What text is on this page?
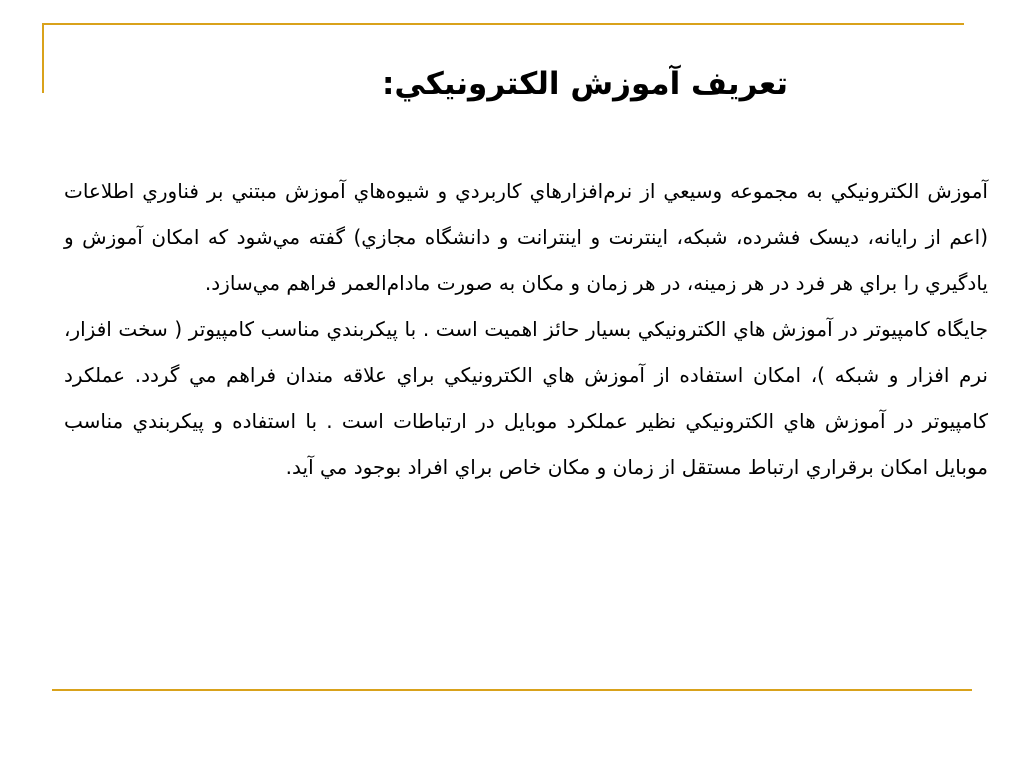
تعريف آموزش الكترونيكي:

آموزش الكترونيكي به مجموعه وسيعي از نرم‌افزارهاي كاربردي و شيوه‌هاي آموزش مبتني بر فناوري اطلاعات (اعم از رايانه، ديسک فشرده، شبکه، اينترنت و اينترانت و دانشگاه مجازي) گفته مي‌شود كه امكان آموزش و يادگيري را براي هر فرد در هر زمينه، در هر زمان و مكان به صورت مادام‌العمر فراهم مي‌سازد.

جايگاه كامپيوتر در آموزش هاي الكترونيكي بسيار حائز اهميت است . با پيكربندي مناسب كامپيوتر ( سخت افزار، نرم افزار و شبكه )، امكان استفاده از آموزش هاي الكترونيكي براي علاقه مندان فراهم مي گردد. عملكرد كامپيوتر در آموزش هاي الكترونيكي نظير عملكرد موبايل در ارتباطات است . با استفاده و پيكربندي مناسب موبايل امكان برقراري ارتباط مستقل از زمان و مكان خاص براي افراد بوجود مي آيد.
